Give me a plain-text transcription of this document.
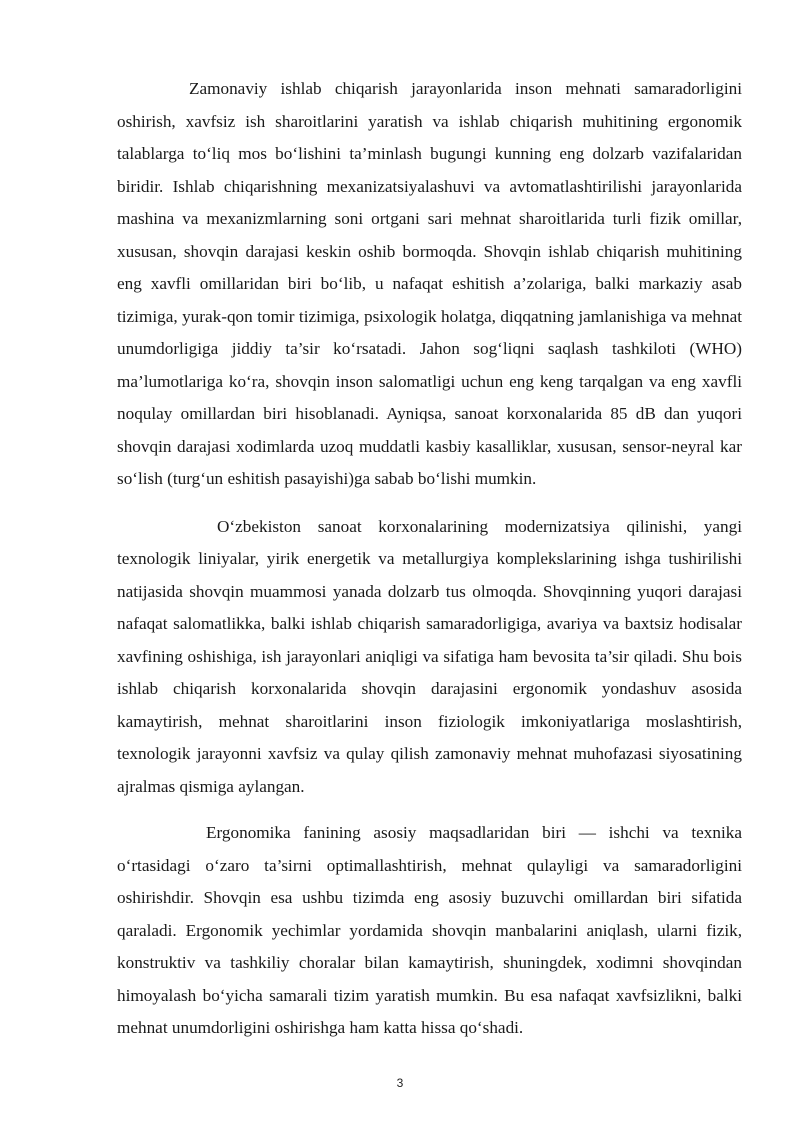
Zamonaviy ishlab chiqarish jarayonlarida inson mehnati samaradorligini oshirish, xavfsiz ish sharoitlarini yaratish va ishlab chiqarish muhitining ergonomik talablarga to‘liq mos bo‘lishini ta’minlash bugungi kunning eng dolzarb vazifalaridan biridir. Ishlab chiqarishning mexanizatsiyalashuvi va avtomatlashtirilishi jarayonlarida mashina va mexanizmlarning soni ortgani sari mehnat sharoitlarida turli fizik omillar, xususan, shovqin darajasi keskin oshib bormoqda. Shovqin ishlab chiqarish muhitining eng xavfli omillaridan biri bo‘lib, u nafaqat eshitish a’zolariga, balki markaziy asab tizimiga, yurak-qon tomir tizimiga, psixologik holatga, diqqatning jamlanishiga va mehnat unumdorligiga jiddiy ta’sir ko‘rsatadi. Jahon sog‘liqni saqlash tashkiloti (WHO) ma’lumotlariga ko‘ra, shovqin inson salomatligi uchun eng keng tarqalgan va eng xavfli noqulay omillardan biri hisoblanadi. Ayniqsa, sanoat korxonalarida 85 dB dan yuqori shovqin darajasi xodimlarda uzoq muddatli kasbiy kasalliklar, xususan, sensor-neyral kar so‘lish (turg‘un eshitish pasayishi)ga sabab bo‘lishi mumkin.

O‘zbekiston sanoat korxonalarining modernizatsiya qilinishi, yangi texnologik liniyalar, yirik energetik va metallurgiya komplekslarining ishga tushirilishi natijasida shovqin muammosi yanada dolzarb tus olmoqda. Shovqinning yuqori darajasi nafaqat salomatlikka, balki ishlab chiqarish samaradorligiga, avariya va baxtsiz hodisalar xavfining oshishiga, ish jarayonlari aniqligi va sifatiga ham bevosita ta’sir qiladi. Shu bois ishlab chiqarish korxonalarida shovqin darajasini ergonomik yondashuv asosida kamaytirish, mehnat sharoitlarini inson fiziologik imkoniyatlariga moslashtirish, texnologik jarayonni xavfsiz va qulay qilish zamonaviy mehnat muhofazasi siyosatining ajralmas qismiga aylangan.

Ergonomika fanining asosiy maqsadlaridan biri — ishchi va texnika o‘rtasidagi o‘zaro ta’sirni optimallashtirish, mehnat qulayligi va samaradorligini oshirishdir. Shovqin esa ushbu tizimda eng asosiy buzuvchi omillardan biri sifatida qaraladi. Ergonomik yechimlar yordamida shovqin manbalarini aniqlash, ularni fizik, konstruktiv va tashkiliy choralar bilan kamaytirish, shuningdek, xodimni shovqindan himoyalash bo‘yicha samarali tizim yaratish mumkin. Bu esa nafaqat xavfsizlikni, balki mehnat unumdorligini oshirishga ham katta hissa qo‘shadi.

3
